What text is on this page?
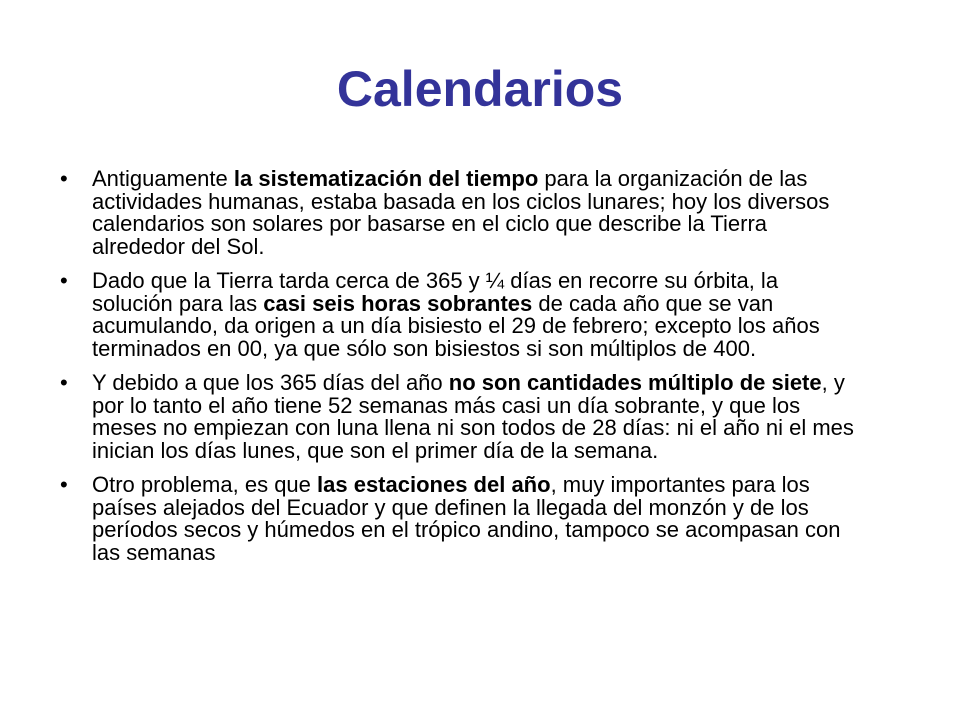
Calendarios
•	Antiguamente la sistematización del tiempo para la organización de las actividades humanas, estaba basada en los ciclos lunares; hoy los diversos calendarios son solares por basarse en el ciclo que describe la Tierra alrededor del Sol.
•	Dado que la Tierra tarda cerca de 365 y ¼ días en recorre su órbita, la solución para las casi seis horas sobrantes de cada año que se van acumulando, da origen a un día bisiesto el 29 de febrero; excepto los años terminados en 00, ya que sólo son bisiestos si son múltiplos de 400.
•	Y debido a que los 365 días del año no son cantidades múltiplo de siete, y por lo tanto el año tiene 52 semanas más casi un día sobrante, y que los meses no empiezan con luna llena ni son todos de 28 días: ni el año ni el mes inician los días lunes, que son el primer día de la semana.
•	Otro problema, es que las estaciones del año, muy importantes para los países alejados del Ecuador y que definen la llegada del monzón y de los períodos secos y húmedos en el trópico andino, tampoco se acompasan con las semanas
